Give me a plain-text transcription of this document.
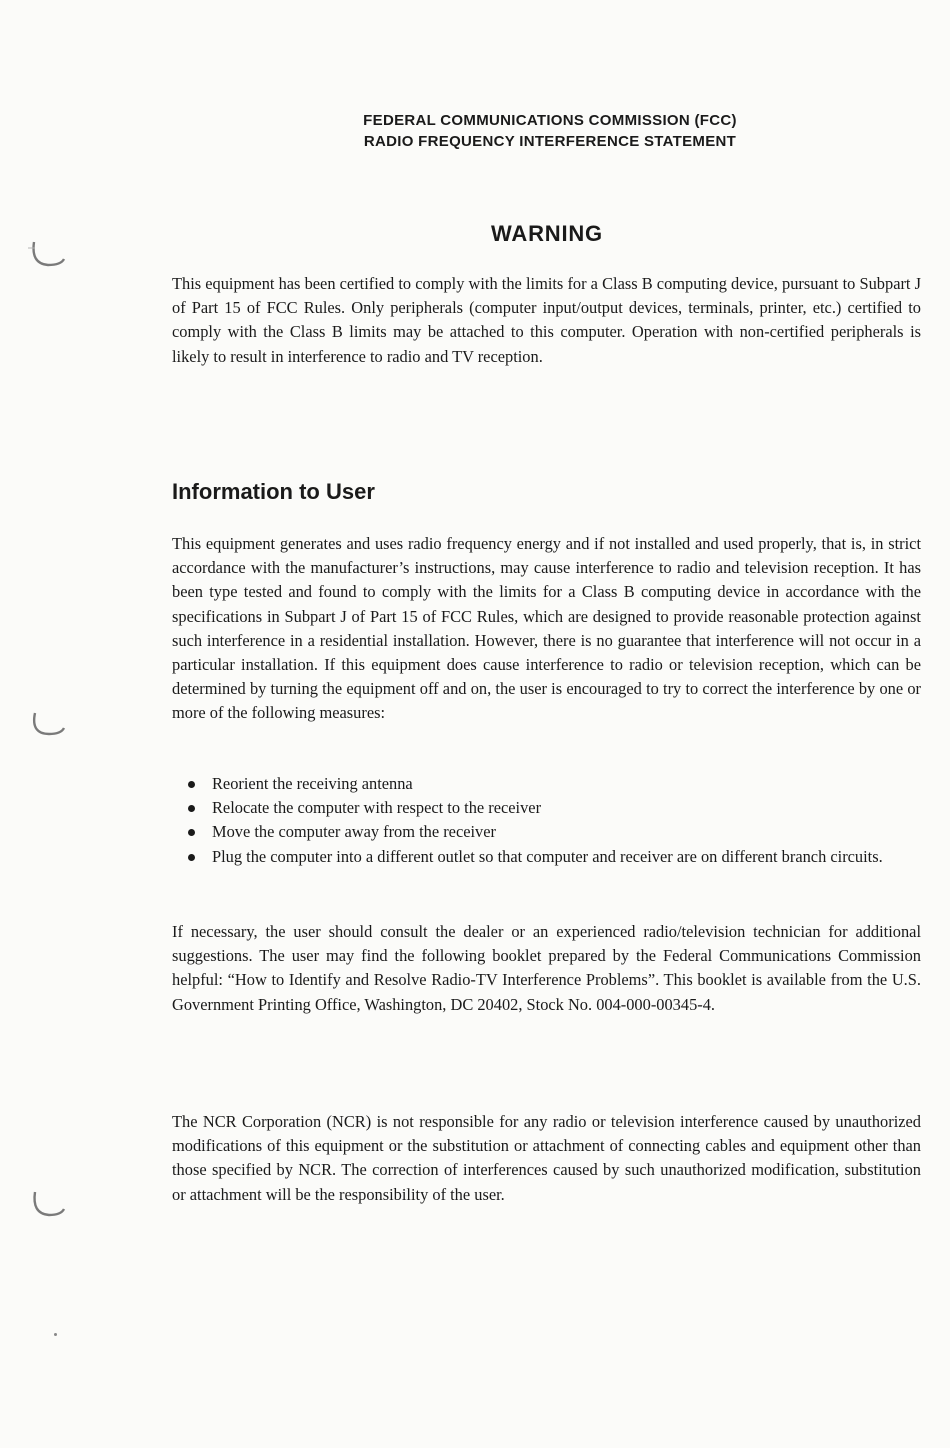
FEDERAL COMMUNICATIONS COMMISSION (FCC)
RADIO FREQUENCY INTERFERENCE STATEMENT
WARNING

This equipment has been certified to comply with the limits for a Class B computing device, pursuant to Subpart J of Part 15 of FCC Rules. Only peripherals (computer input/output devices, terminals, printer, etc.) certified to comply with the Class B limits may be attached to this computer. Operation with non-certified peripherals is likely to result in interference to radio and TV reception.

Information to User

This equipment generates and uses radio frequency energy and if not installed and used properly, that is, in strict accordance with the manufacturer’s instructions, may cause interference to radio and television reception. It has been type tested and found to comply with the limits for a Class B computing device in accordance with the specifications in Subpart J of Part 15 of FCC Rules, which are designed to provide reasonable protection against such interference in a residential installation. However, there is no guarantee that interference will not occur in a particular installation. If this equipment does cause interference to radio or television reception, which can be determined by turning the equipment off and on, the user is encouraged to try to correct the interference by one or more of the following measures:

Reorient the receiving antenna
Relocate the computer with respect to the receiver
Move the computer away from the receiver
Plug the computer into a different outlet so that computer and receiver are on different branch circuits.

If necessary, the user should consult the dealer or an experienced radio/television technician for additional suggestions. The user may find the following booklet prepared by the Federal Communications Commission helpful: “How to Identify and Resolve Radio-TV Interference Problems”. This booklet is available from the U.S. Government Printing Office, Washington, DC 20402, Stock No. 004-000-00345-4.

The NCR Corporation (NCR) is not responsible for any radio or television interference caused by unauthorized modifications of this equipment or the substitution or attachment of connecting cables and equipment other than those specified by NCR. The correction of interferences caused by such unauthorized modification, substitution or attachment will be the responsibility of the user.
